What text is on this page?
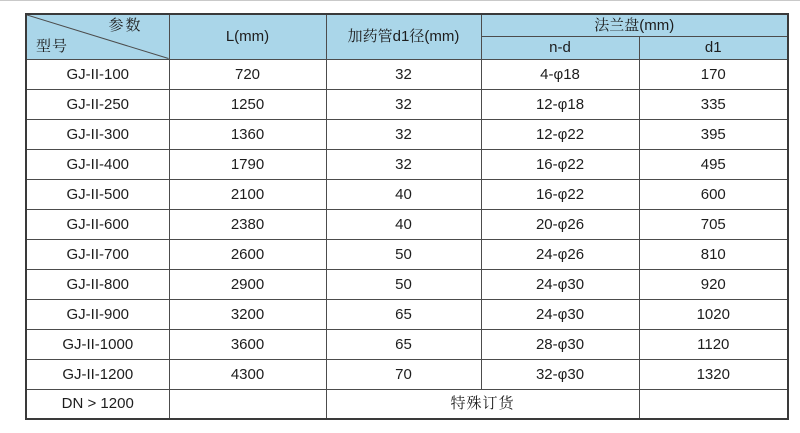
参数
型号	L(mm)	加药管d1径(mm)	法兰盘(mm)	
			n-d	d1
GJ-II-100	720	32	4-φ18	170
GJ-II-250	1250	32	12-φ18	335
GJ-II-300	1360	32	12-φ22	395
GJ-II-400	1790	32	16-φ22	495
GJ-II-500	2100	40	16-φ22	600
GJ-II-600	2380	40	20-φ26	705
GJ-II-700	2600	50	24-φ26	810
GJ-II-800	2900	50	24-φ30	920
GJ-II-900	3200	65	24-φ30	1020
GJ-II-1000	3600	65	28-φ30	1120
GJ-II-1200	4300	70	32-φ30	1320
DN > 1200		特殊订货		
